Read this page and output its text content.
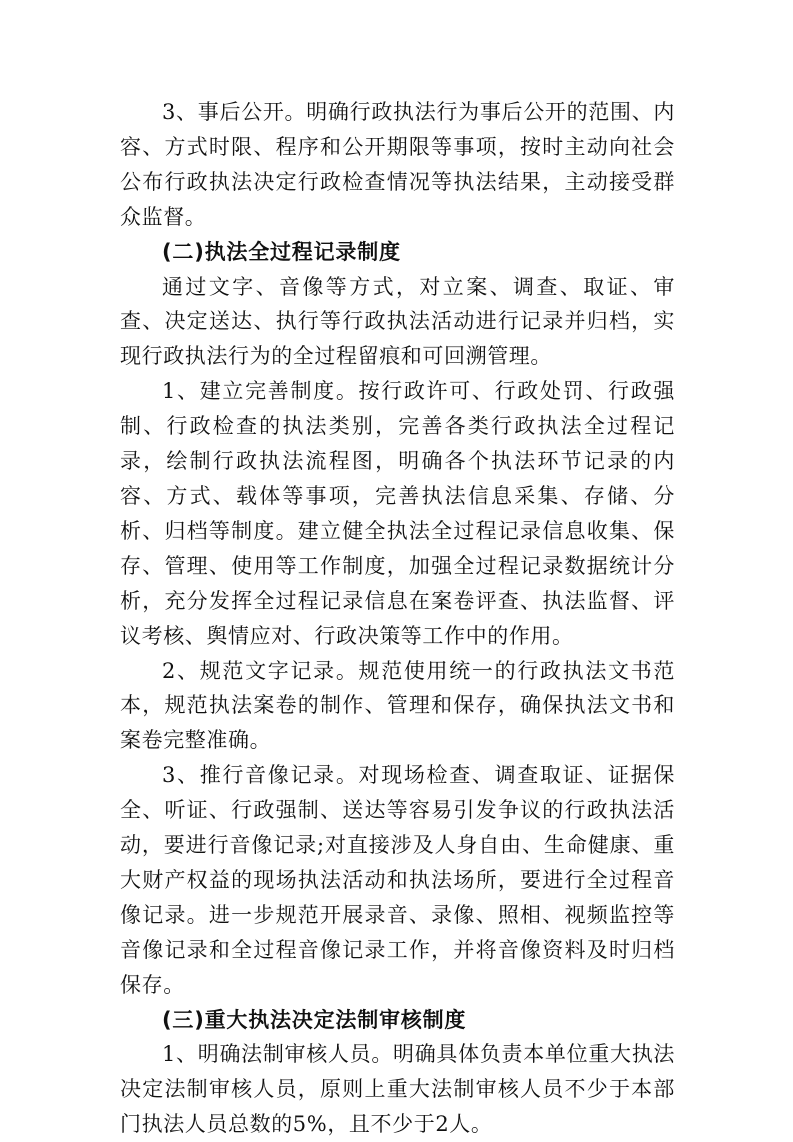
3、事后公开。明确行政执法行为事后公开的范围、内容、方式时限、程序和公开期限等事项，按时主动向社会公布行政执法决定行政检查情况等执法结果，主动接受群众监督。

(二)执法全过程记录制度

通过文字、音像等方式，对立案、调查、取证、审查、决定送达、执行等行政执法活动进行记录并归档，实现行政执法行为的全过程留痕和可回溯管理。

1、建立完善制度。按行政许可、行政处罚、行政强制、行政检查的执法类别，完善各类行政执法全过程记录，绘制行政执法流程图，明确各个执法环节记录的内容、方式、载体等事项，完善执法信息采集、存储、分析、归档等制度。建立健全执法全过程记录信息收集、保存、管理、使用等工作制度，加强全过程记录数据统计分析，充分发挥全过程记录信息在案卷评查、执法监督、评议考核、舆情应对、行政决策等工作中的作用。

2、规范文字记录。规范使用统一的行政执法文书范本，规范执法案卷的制作、管理和保存，确保执法文书和案卷完整准确。

3、推行音像记录。对现场检查、调查取证、证据保全、听证、行政强制、送达等容易引发争议的行政执法活动，要进行音像记录;对直接涉及人身自由、生命健康、重大财产权益的现场执法活动和执法场所，要进行全过程音像记录。进一步规范开展录音、录像、照相、视频监控等音像记录和全过程音像记录工作，并将音像资料及时归档保存。

(三)重大执法决定法制审核制度

1、明确法制审核人员。明确具体负责本单位重大执法决定法制审核人员，原则上重大法制审核人员不少于本部门执法人员总数的5%，且不少于2人。
